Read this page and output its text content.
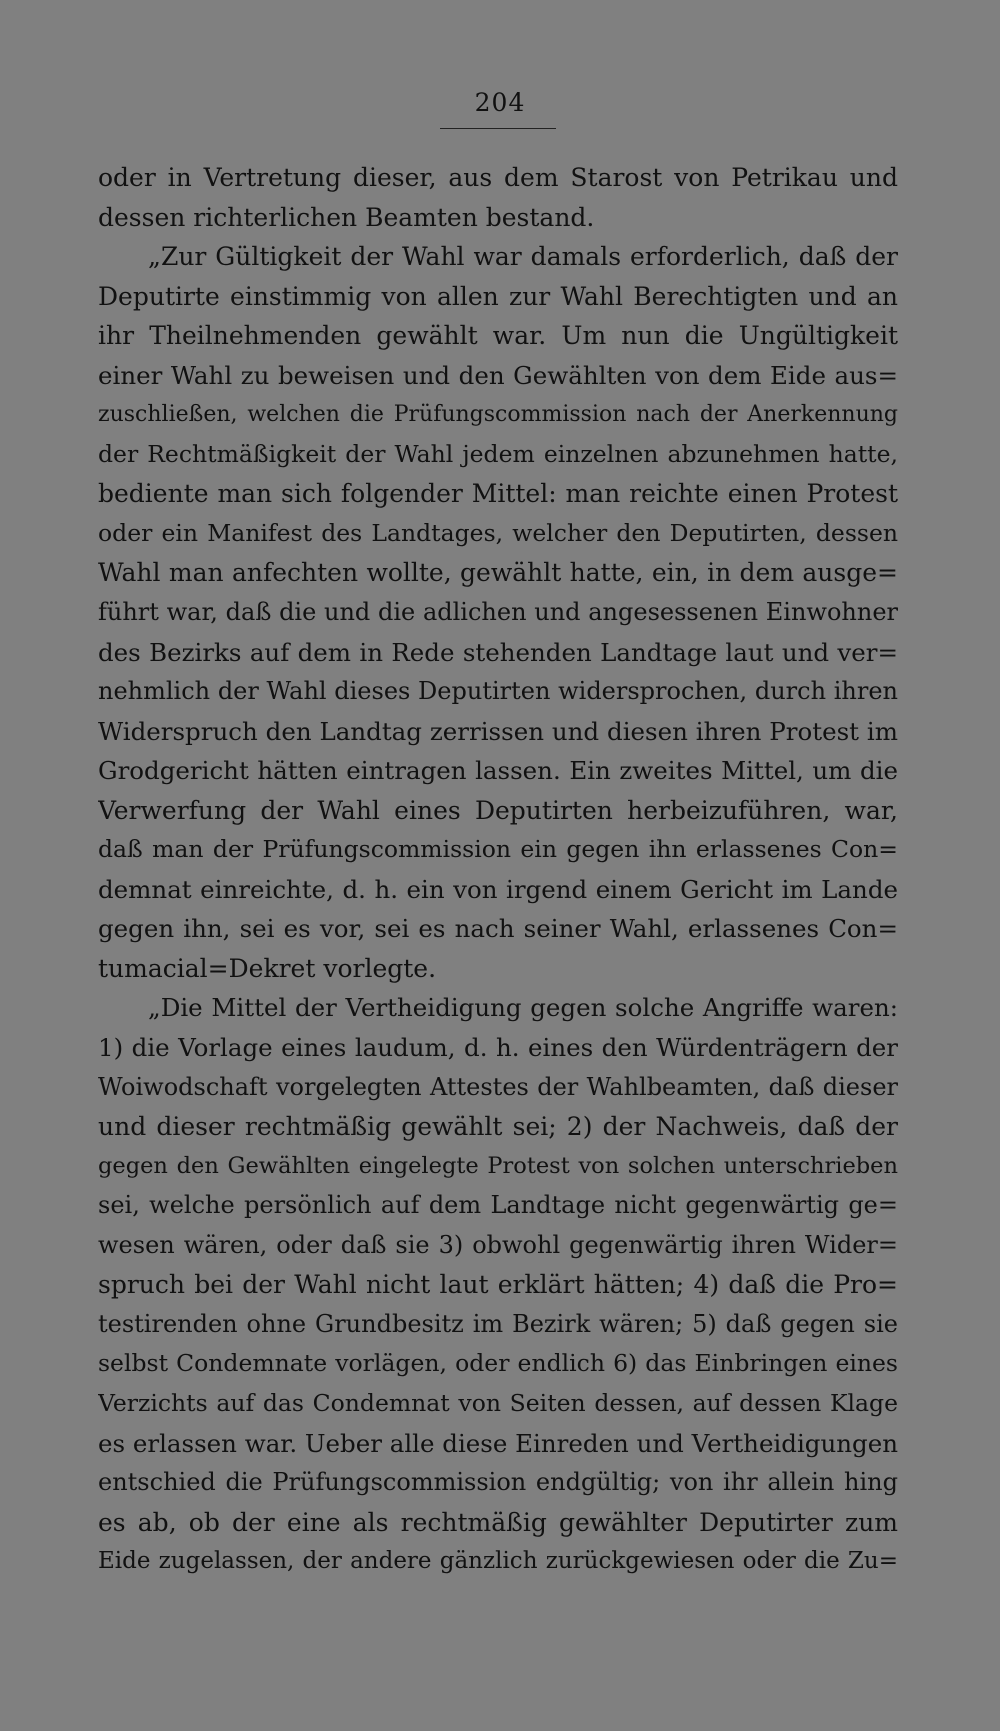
204
oder in Vertretung dieser, aus dem Starost von Petrikau und
dessen richterlichen Beamten bestand.
„Zur Gültigkeit der Wahl war damals erforderlich, daß der
Deputirte einstimmig von allen zur Wahl Berechtigten und an
ihr Theilnehmenden gewählt war. Um nun die Ungültigkeit
einer Wahl zu beweisen und den Gewählten von dem Eide aus=
zuschließen, welchen die Prüfungscommission nach der Anerkennung
der Rechtmäßigkeit der Wahl jedem einzelnen abzunehmen hatte,
bediente man sich folgender Mittel: man reichte einen Protest
oder ein Manifest des Landtages, welcher den Deputirten, dessen
Wahl man anfechten wollte, gewählt hatte, ein, in dem ausge=
führt war, daß die und die adlichen und angesessenen Einwohner
des Bezirks auf dem in Rede stehenden Landtage laut und ver=
nehmlich der Wahl dieses Deputirten widersprochen, durch ihren
Widerspruch den Landtag zerrissen und diesen ihren Protest im
Grodgericht hätten eintragen lassen. Ein zweites Mittel, um die
Verwerfung der Wahl eines Deputirten herbeizuführen, war,
daß man der Prüfungscommission ein gegen ihn erlassenes Con=
demnat einreichte, d. h. ein von irgend einem Gericht im Lande
gegen ihn, sei es vor, sei es nach seiner Wahl, erlassenes Con=
tumacial=Dekret vorlegte.
„Die Mittel der Vertheidigung gegen solche Angriffe waren:
1) die Vorlage eines laudum, d. h. eines den Würdenträgern der
Woiwodschaft vorgelegten Attestes der Wahlbeamten, daß dieser
und dieser rechtmäßig gewählt sei; 2) der Nachweis, daß der
gegen den Gewählten eingelegte Protest von solchen unterschrieben
sei, welche persönlich auf dem Landtage nicht gegenwärtig ge=
wesen wären, oder daß sie 3) obwohl gegenwärtig ihren Wider=
spruch bei der Wahl nicht laut erklärt hätten; 4) daß die Pro=
testirenden ohne Grundbesitz im Bezirk wären; 5) daß gegen sie
selbst Condemnate vorlägen, oder endlich 6) das Einbringen eines
Verzichts auf das Condemnat von Seiten dessen, auf dessen Klage
es erlassen war. Ueber alle diese Einreden und Vertheidigungen
entschied die Prüfungscommission endgültig; von ihr allein hing
es ab, ob der eine als rechtmäßig gewählter Deputirter zum
Eide zugelassen, der andere gänzlich zurückgewiesen oder die Zu=
